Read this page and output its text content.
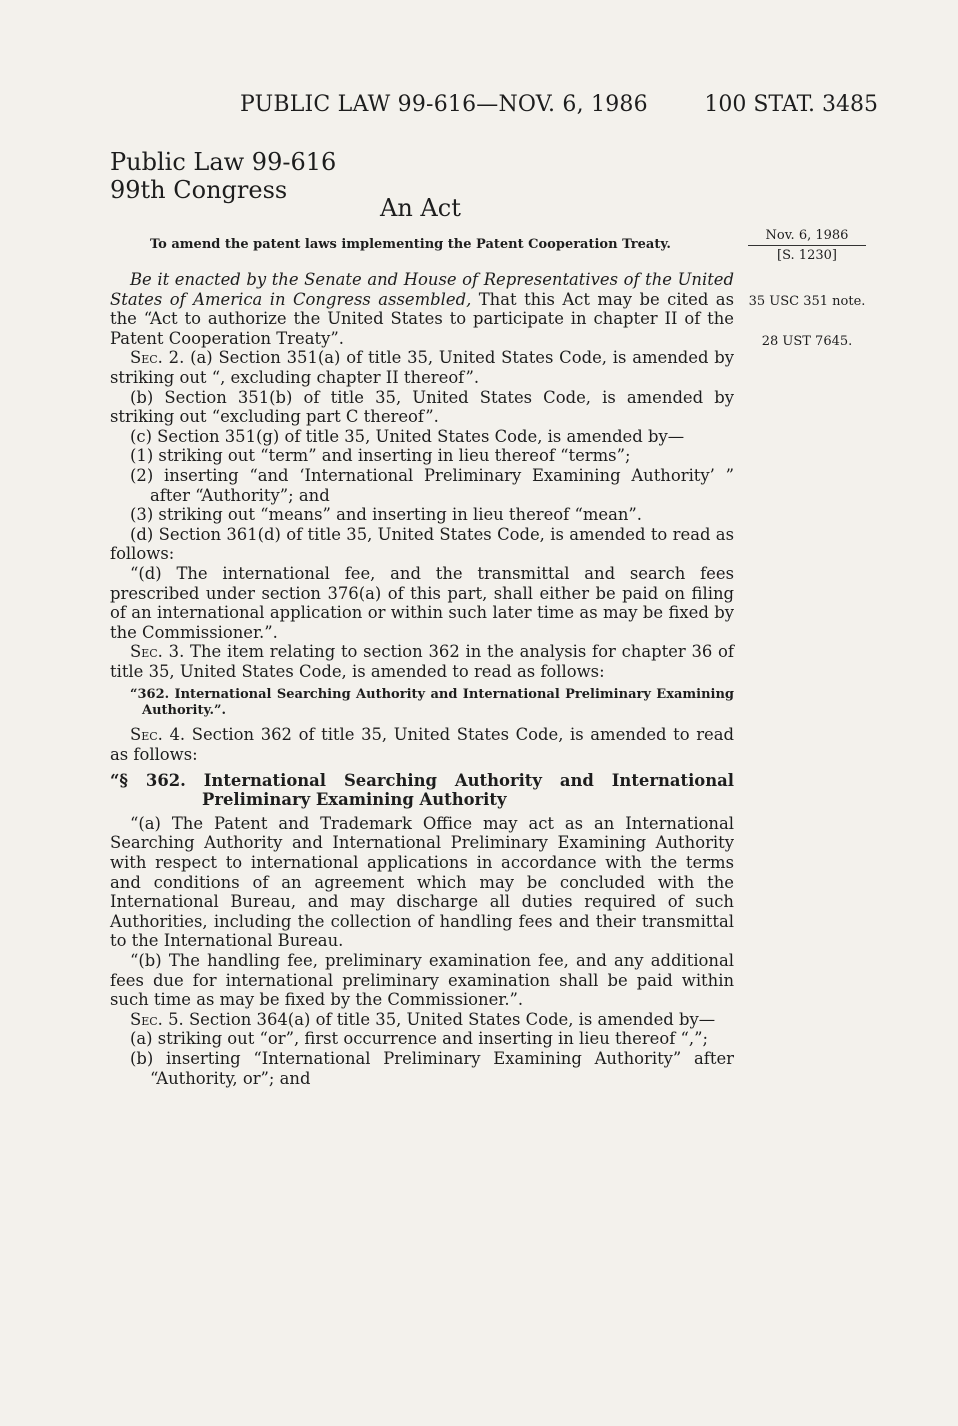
PUBLIC LAW 99-616—NOV. 6, 1986	100 STAT. 3485
Public Law 99-616
99th Congress
An Act
To amend the patent laws implementing the Patent Cooperation Treaty.
Nov. 6, 1986
[S. 1230]
35 USC 351 note.
28 UST 7645.

Be it enacted by the Senate and House of Representatives of the United States of America in Congress assembled, That this Act may be cited as the “Act to authorize the United States to participate in chapter II of the Patent Cooperation Treaty”.

Sec. 2. (a) Section 351(a) of title 35, United States Code, is amended by striking out “, excluding chapter II thereof”.

(b) Section 351(b) of title 35, United States Code, is amended by striking out “excluding part C thereof”.

(c) Section 351(g) of title 35, United States Code, is amended by—

(1) striking out “term” and inserting in lieu thereof “terms”;

(2) inserting “and ‘International Preliminary Examining Authority’ ” after “Authority”; and

(3) striking out “means” and inserting in lieu thereof “mean”.

(d) Section 361(d) of title 35, United States Code, is amended to read as follows:

“(d) The international fee, and the transmittal and search fees prescribed under section 376(a) of this part, shall either be paid on filing of an international application or within such later time as may be fixed by the Commissioner.”.

Sec. 3. The item relating to section 362 in the analysis for chapter 36 of title 35, United States Code, is amended to read as follows:

“362. International Searching Authority and International Preliminary Examining Authority.”.

Sec. 4. Section 362 of title 35, United States Code, is amended to read as follows:

“§ 362. International Searching Authority and International Preliminary Examining Authority

“(a) The Patent and Trademark Office may act as an International Searching Authority and International Preliminary Examining Authority with respect to international applications in accordance with the terms and conditions of an agreement which may be concluded with the International Bureau, and may discharge all duties required of such Authorities, including the collection of handling fees and their transmittal to the International Bureau.

“(b) The handling fee, preliminary examination fee, and any additional fees due for international preliminary examination shall be paid within such time as may be fixed by the Commissioner.”.

Sec. 5. Section 364(a) of title 35, United States Code, is amended by—

(a) striking out “or”, first occurrence and inserting in lieu thereof “,”;

(b) inserting “International Preliminary Examining Authority” after “Authority, or”; and
